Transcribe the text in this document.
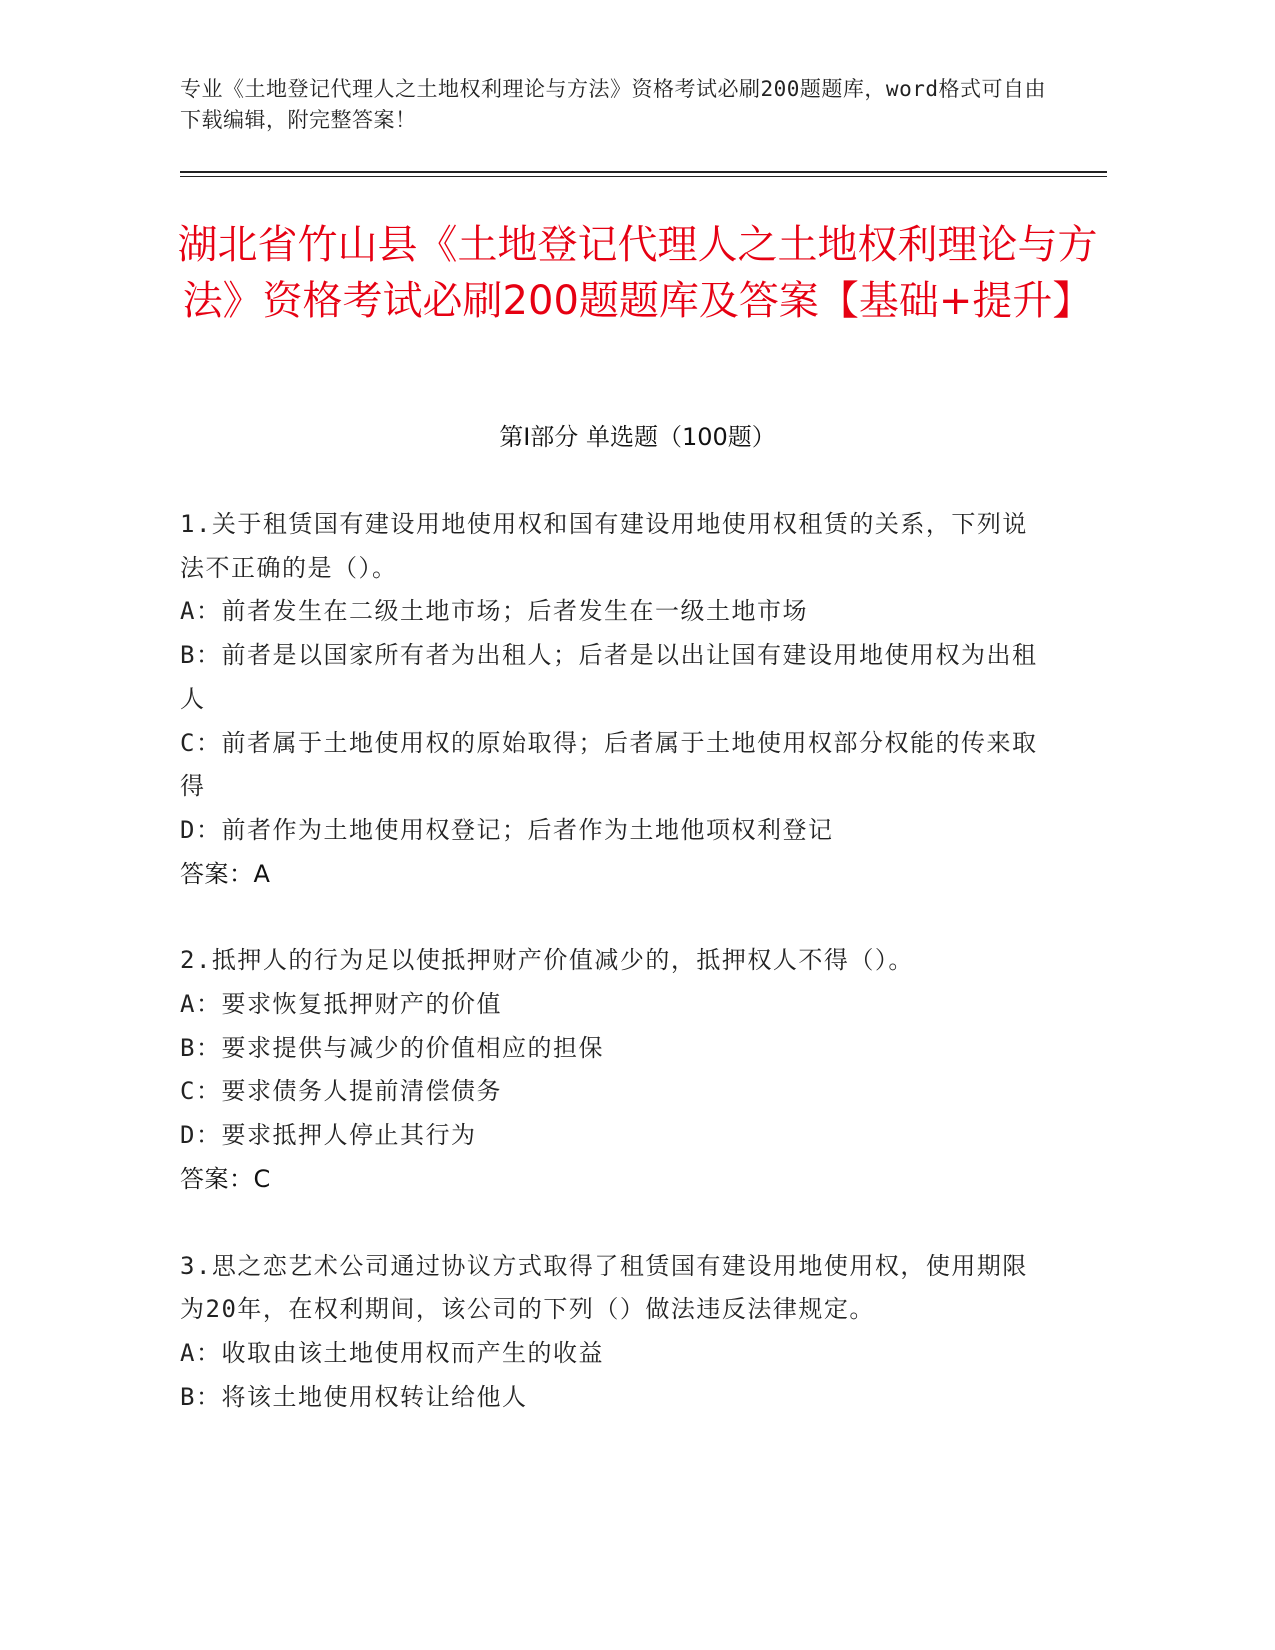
专业《土地登记代理人之土地权利理论与方法》资格考试必刷200题题库，word格式可自由下载编辑，附完整答案！
湖北省竹山县《土地登记代理人之土地权利理论与方法》资格考试必刷200题题库及答案【基础+提升】
第I部分 单选题（100题）

1.关于租赁国有建设用地使用权和国有建设用地使用权租赁的关系，下列说法不正确的是（）。

A：前者发生在二级土地市场；后者发生在一级土地市场

B：前者是以国家所有者为出租人；后者是以出让国有建设用地使用权为出租人

C：前者属于土地使用权的原始取得；后者属于土地使用权部分权能的传来取得

D：前者作为土地使用权登记；后者作为土地他项权利登记

答案：A

2.抵押人的行为足以使抵押财产价值减少的，抵押权人不得（）。

A：要求恢复抵押财产的价值

B：要求提供与减少的价值相应的担保

C：要求债务人提前清偿债务

D：要求抵押人停止其行为

答案：C

3.思之恋艺术公司通过协议方式取得了租赁国有建设用地使用权，使用期限为20年，在权利期间，该公司的下列（）做法违反法律规定。

A：收取由该土地使用权而产生的收益

B：将该土地使用权转让给他人
